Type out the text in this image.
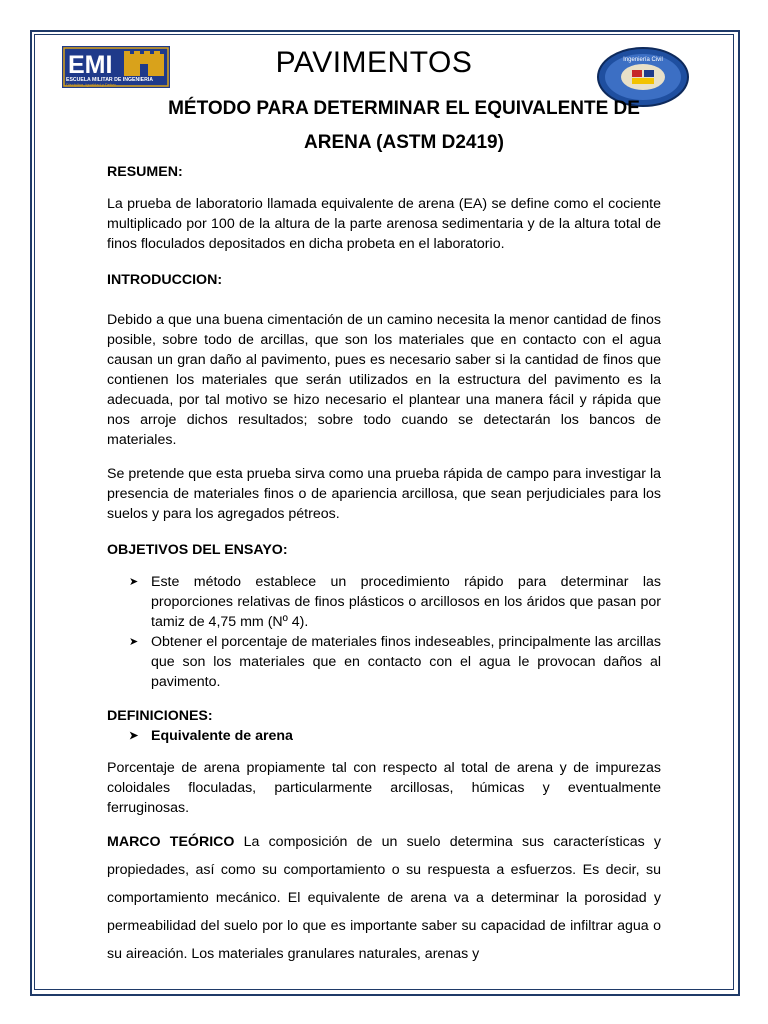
EMI
ESCUELA MILITAR DE INGENIERIA
Disciplina, Igualdad y Deber
Ingeniería Civil
PAVIMENTOS
MÉTODO PARA DETERMINAR EL EQUIVALENTE DE
ARENA (ASTM D2419)

RESUMEN:

La prueba de laboratorio llamada equivalente de arena (EA) se define como el cociente multiplicado por 100 de la altura de la parte arenosa sedimentaria y de la altura total de finos floculados depositados en dicha probeta en el laboratorio.

INTRODUCCION:

Debido a que una buena cimentación de un camino necesita la menor cantidad de finos posible, sobre todo de arcillas, que son los materiales que en contacto con el agua causan un gran daño al pavimento, pues es necesario saber si la cantidad de finos que contienen los materiales que serán utilizados en la estructura del pavimento es la adecuada, por tal motivo se hizo necesario el plantear una manera fácil y rápida que nos arroje dichos resultados; sobre todo cuando se detectarán los bancos de materiales.

Se pretende que esta prueba sirva como una prueba rápida de campo para investigar la presencia de materiales finos o de apariencia arcillosa, que sean perjudiciales para los suelos y para los agregados pétreos.

OBJETIVOS DEL ENSAYO:

➤ Este método establece un procedimiento rápido para determinar las proporciones relativas de finos plásticos o arcillosos en los áridos que pasan por tamiz de 4,75 mm (Nº 4).
➤ Obtener el porcentaje de materiales finos indeseables, principalmente las arcillas que son los materiales que en contacto con el agua le provocan daños al pavimento.

DEFINICIONES:

➤ Equivalente de arena

Porcentaje de arena propiamente tal con respecto al total de arena y de impurezas coloidales floculadas, particularmente arcillosas, húmicas y eventualmente ferruginosas.

MARCO TEÓRICO La composición de un suelo determina sus características y propiedades, así como su comportamiento o su respuesta a esfuerzos. Es decir, su comportamiento mecánico. El equivalente de arena va a determinar la porosidad y permeabilidad del suelo por lo que es importante saber su capacidad de infiltrar agua o su aireación. Los materiales granulares naturales, arenas y
